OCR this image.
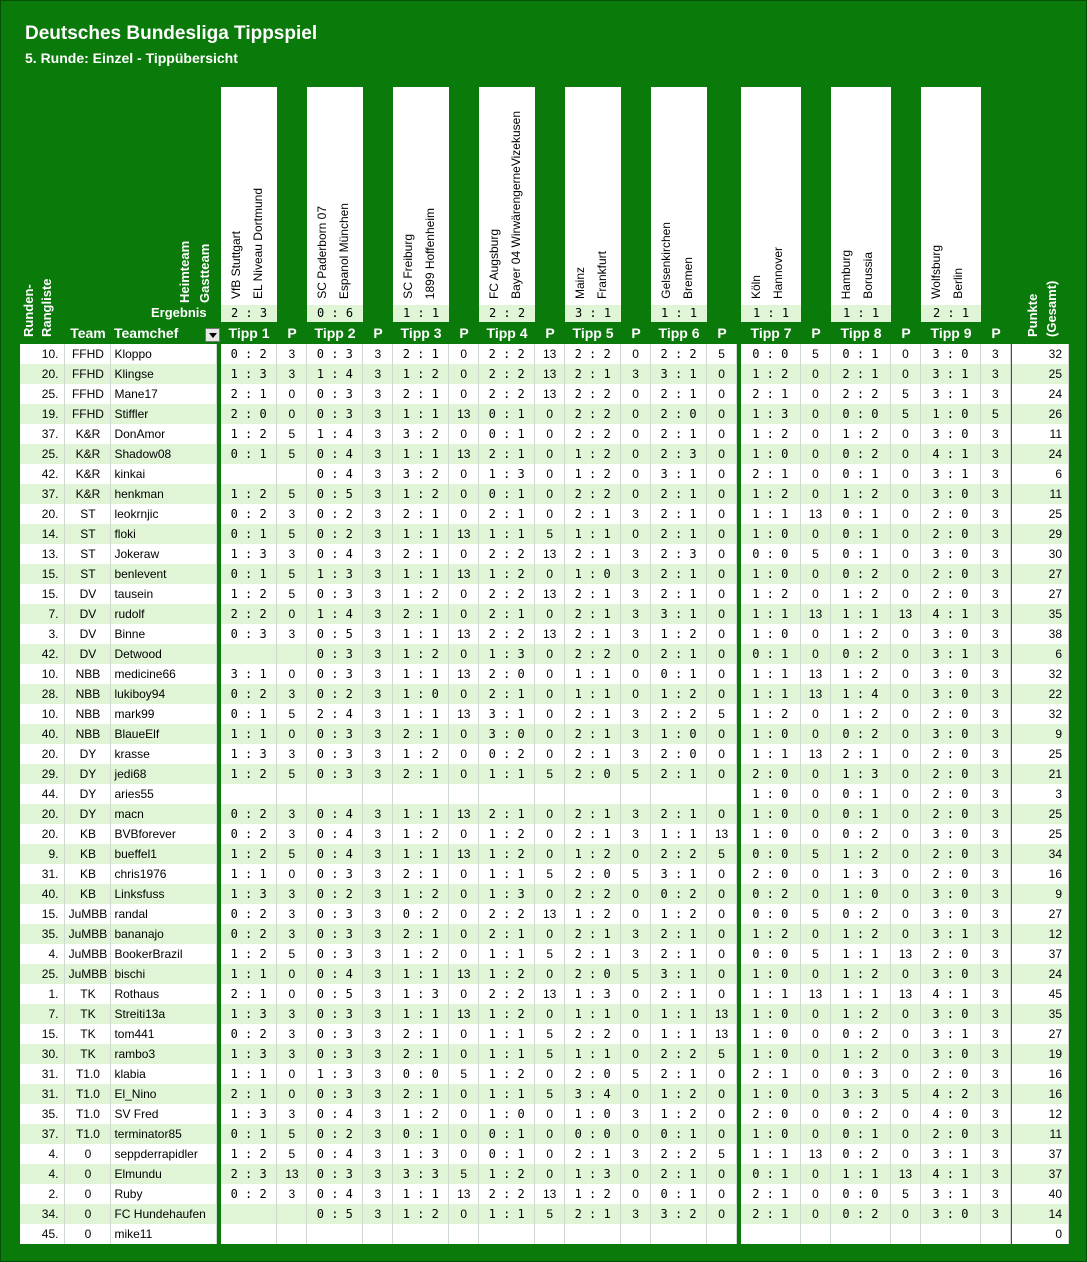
Deutsches Bundesliga Tippspiel
5. Runde: Einzel - Tippübersicht
Runden- Rangliste
Heimteam Gastteam
Ergebnis	Punkte (Gesamt)
VfB Stuttgart EL Niveau Dortmund
2 : 3
SC Paderborn 07 Espanol München
0 : 6
SC Freiburg 1899 Hoffenheim
1 : 1
FC Augsburg Bayer 04 WirwärengerneVizekusen
2 : 2
Mainz Frankfurt
3 : 1
Gelsenkirchen Bremen
1 : 1
Köln Hannover
1 : 1
Hamburg Borussia
1 : 1
Wolfsburg Berlin
2 : 1
Team Teamchef	Tipp 1	P	Tipp 2	P	Tipp 3	P	Tipp 4	P	Tipp 5	P	Tipp 6	P	Tipp 7	P	Tipp 8	P	Tipp 9	P
10.	FFHD	Kloppo		0 : 2	3	0 : 3	3	2 : 1	0	2 : 2	13	2 : 2	0	2 : 2	5		0 : 0	5	0 : 1	0	3 : 0	3		32
20.	FFHD	Klingse		1 : 3	3	1 : 4	3	1 : 2	0	2 : 2	13	2 : 1	3	3 : 1	0		1 : 2	0	2 : 1	0	3 : 1	3		25
25.	FFHD	Mane17		2 : 1	0	0 : 3	3	2 : 1	0	2 : 2	13	2 : 2	0	2 : 1	0		2 : 1	0	2 : 2	5	3 : 1	3		24
19.	FFHD	Stiffler		2 : 0	0	0 : 3	3	1 : 1	13	0 : 1	0	2 : 2	0	2 : 0	0		1 : 3	0	0 : 0	5	1 : 0	5		26
37.	K&R	DonAmor		1 : 2	5	1 : 4	3	3 : 2	0	0 : 1	0	2 : 2	0	2 : 1	0		1 : 2	0	1 : 2	0	3 : 0	3		11
25.	K&R	Shadow08		0 : 1	5	0 : 4	3	1 : 1	13	2 : 1	0	1 : 2	0	2 : 3	0		1 : 0	0	0 : 2	0	4 : 1	3		24
42.	K&R	kinkai				0 : 4	3	3 : 2	0	1 : 3	0	1 : 2	0	3 : 1	0		2 : 1	0	0 : 1	0	3 : 1	3		6
37.	K&R	henkman		1 : 2	5	0 : 5	3	1 : 2	0	0 : 1	0	2 : 2	0	2 : 1	0		1 : 2	0	1 : 2	0	3 : 0	3		11
20.	ST	leokrnjic		0 : 2	3	0 : 2	3	2 : 1	0	2 : 1	0	2 : 1	3	2 : 1	0		1 : 1	13	0 : 1	0	2 : 0	3		25
14.	ST	floki		0 : 1	5	0 : 2	3	1 : 1	13	1 : 1	5	1 : 1	0	2 : 1	0		1 : 0	0	0 : 1	0	2 : 0	3		29
13.	ST	Jokeraw		1 : 3	3	0 : 4	3	2 : 1	0	2 : 2	13	2 : 1	3	2 : 3	0		0 : 0	5	0 : 1	0	3 : 0	3		30
15.	ST	benlevent		0 : 1	5	1 : 3	3	1 : 1	13	1 : 2	0	1 : 0	3	2 : 1	0		1 : 0	0	0 : 2	0	2 : 0	3		27
15.	DV	tausein		1 : 2	5	0 : 3	3	1 : 2	0	2 : 2	13	2 : 1	3	2 : 1	0		1 : 2	0	1 : 2	0	2 : 0	3		27
7.	DV	rudolf		2 : 2	0	1 : 4	3	2 : 1	0	2 : 1	0	2 : 1	3	3 : 1	0		1 : 1	13	1 : 1	13	4 : 1	3		35
3.	DV	Binne		0 : 3	3	0 : 5	3	1 : 1	13	2 : 2	13	2 : 1	3	1 : 2	0		1 : 0	0	1 : 2	0	3 : 0	3		38
42.	DV	Detwood				0 : 3	3	1 : 2	0	1 : 3	0	2 : 2	0	2 : 1	0		0 : 1	0	0 : 2	0	3 : 1	3		6
10.	NBB	medicine66		3 : 1	0	0 : 3	3	1 : 1	13	2 : 0	0	1 : 1	0	0 : 1	0		1 : 1	13	1 : 2	0	3 : 0	3		32
28.	NBB	lukiboy94		0 : 2	3	0 : 2	3	1 : 0	0	2 : 1	0	1 : 1	0	1 : 2	0		1 : 1	13	1 : 4	0	3 : 0	3		22
10.	NBB	mark99		0 : 1	5	2 : 4	3	1 : 1	13	3 : 1	0	2 : 1	3	2 : 2	5		1 : 2	0	1 : 2	0	2 : 0	3		32
40.	NBB	BlaueElf		1 : 1	0	0 : 3	3	2 : 1	0	3 : 0	0	2 : 1	3	1 : 0	0		1 : 0	0	0 : 2	0	3 : 0	3		9
20.	DY	krasse		1 : 3	3	0 : 3	3	1 : 2	0	0 : 2	0	2 : 1	3	2 : 0	0		1 : 1	13	2 : 1	0	2 : 0	3		25
29.	DY	jedi68		1 : 2	5	0 : 3	3	2 : 1	0	1 : 1	5	2 : 0	5	2 : 1	0		2 : 0	0	1 : 3	0	2 : 0	3		21
44.	DY	aries55															1 : 0	0	0 : 1	0	2 : 0	3		3
20.	DY	macn		0 : 2	3	0 : 4	3	1 : 1	13	2 : 1	0	2 : 1	3	2 : 1	0		1 : 0	0	0 : 1	0	2 : 0	3		25
20.	KB	BVBforever		0 : 2	3	0 : 4	3	1 : 2	0	1 : 2	0	2 : 1	3	1 : 1	13		1 : 0	0	0 : 2	0	3 : 0	3		25
9.	KB	bueffel1		1 : 2	5	0 : 4	3	1 : 1	13	1 : 2	0	1 : 2	0	2 : 2	5		0 : 0	5	1 : 2	0	2 : 0	3		34
31.	KB	chris1976		1 : 1	0	0 : 3	3	2 : 1	0	1 : 1	5	2 : 0	5	3 : 1	0		2 : 0	0	1 : 3	0	2 : 0	3		16
40.	KB	Linksfuss		1 : 3	3	0 : 2	3	1 : 2	0	1 : 3	0	2 : 2	0	0 : 2	0		0 : 2	0	1 : 0	0	3 : 0	3		9
15.	JuMBB	randal		0 : 2	3	0 : 3	3	0 : 2	0	2 : 2	13	1 : 2	0	1 : 2	0		0 : 0	5	0 : 2	0	3 : 0	3		27
35.	JuMBB	bananajo		0 : 2	3	0 : 3	3	2 : 1	0	2 : 1	0	2 : 1	3	2 : 1	0		1 : 2	0	1 : 2	0	3 : 1	3		12
4.	JuMBB	BookerBrazil		1 : 2	5	0 : 3	3	1 : 2	0	1 : 1	5	2 : 1	3	2 : 1	0		0 : 0	5	1 : 1	13	2 : 0	3		37
25.	JuMBB	bischi		1 : 1	0	0 : 4	3	1 : 1	13	1 : 2	0	2 : 0	5	3 : 1	0		1 : 0	0	1 : 2	0	3 : 0	3		24
1.	TK	Rothaus		2 : 1	0	0 : 5	3	1 : 3	0	2 : 2	13	1 : 3	0	2 : 1	0		1 : 1	13	1 : 1	13	4 : 1	3		45
7.	TK	Streiti13a		1 : 3	3	0 : 3	3	1 : 1	13	1 : 2	0	1 : 1	0	1 : 1	13		1 : 0	0	1 : 2	0	3 : 0	3		35
15.	TK	tom441		0 : 2	3	0 : 3	3	2 : 1	0	1 : 1	5	2 : 2	0	1 : 1	13		1 : 0	0	0 : 2	0	3 : 1	3		27
30.	TK	rambo3		1 : 3	3	0 : 3	3	2 : 1	0	1 : 1	5	1 : 1	0	2 : 2	5		1 : 0	0	1 : 2	0	3 : 0	3		19
31.	T1.0	klabia		1 : 1	0	1 : 3	3	0 : 0	5	1 : 2	0	2 : 0	5	2 : 1	0		2 : 1	0	0 : 3	0	2 : 0	3		16
31.	T1.0	El_Nino		2 : 1	0	0 : 3	3	2 : 1	0	1 : 1	5	3 : 4	0	1 : 2	0		1 : 0	0	3 : 3	5	4 : 2	3		16
35.	T1.0	SV Fred		1 : 3	3	0 : 4	3	1 : 2	0	1 : 0	0	1 : 0	3	1 : 2	0		2 : 0	0	0 : 2	0	4 : 0	3		12
37.	T1.0	terminator85		0 : 1	5	0 : 2	3	0 : 1	0	0 : 1	0	0 : 0	0	0 : 1	0		1 : 0	0	0 : 1	0	2 : 0	3		11
4.	0	seppderrapidler		1 : 2	5	0 : 4	3	1 : 3	0	0 : 1	0	2 : 1	3	2 : 2	5		1 : 1	13	0 : 2	0	3 : 1	3		37
4.	0	Elmundu		2 : 3	13	0 : 3	3	3 : 3	5	1 : 2	0	1 : 3	0	2 : 1	0		0 : 1	0	1 : 1	13	4 : 1	3		37
2.	0	Ruby		0 : 2	3	0 : 4	3	1 : 1	13	2 : 2	13	1 : 2	0	0 : 1	0		2 : 1	0	0 : 0	5	3 : 1	3		40
34.	0	FC Hundehaufen				0 : 5	3	1 : 2	0	1 : 1	5	2 : 1	3	3 : 2	0		2 : 1	0	0 : 2	0	3 : 0	3		14
45.	0	mike11																						0
